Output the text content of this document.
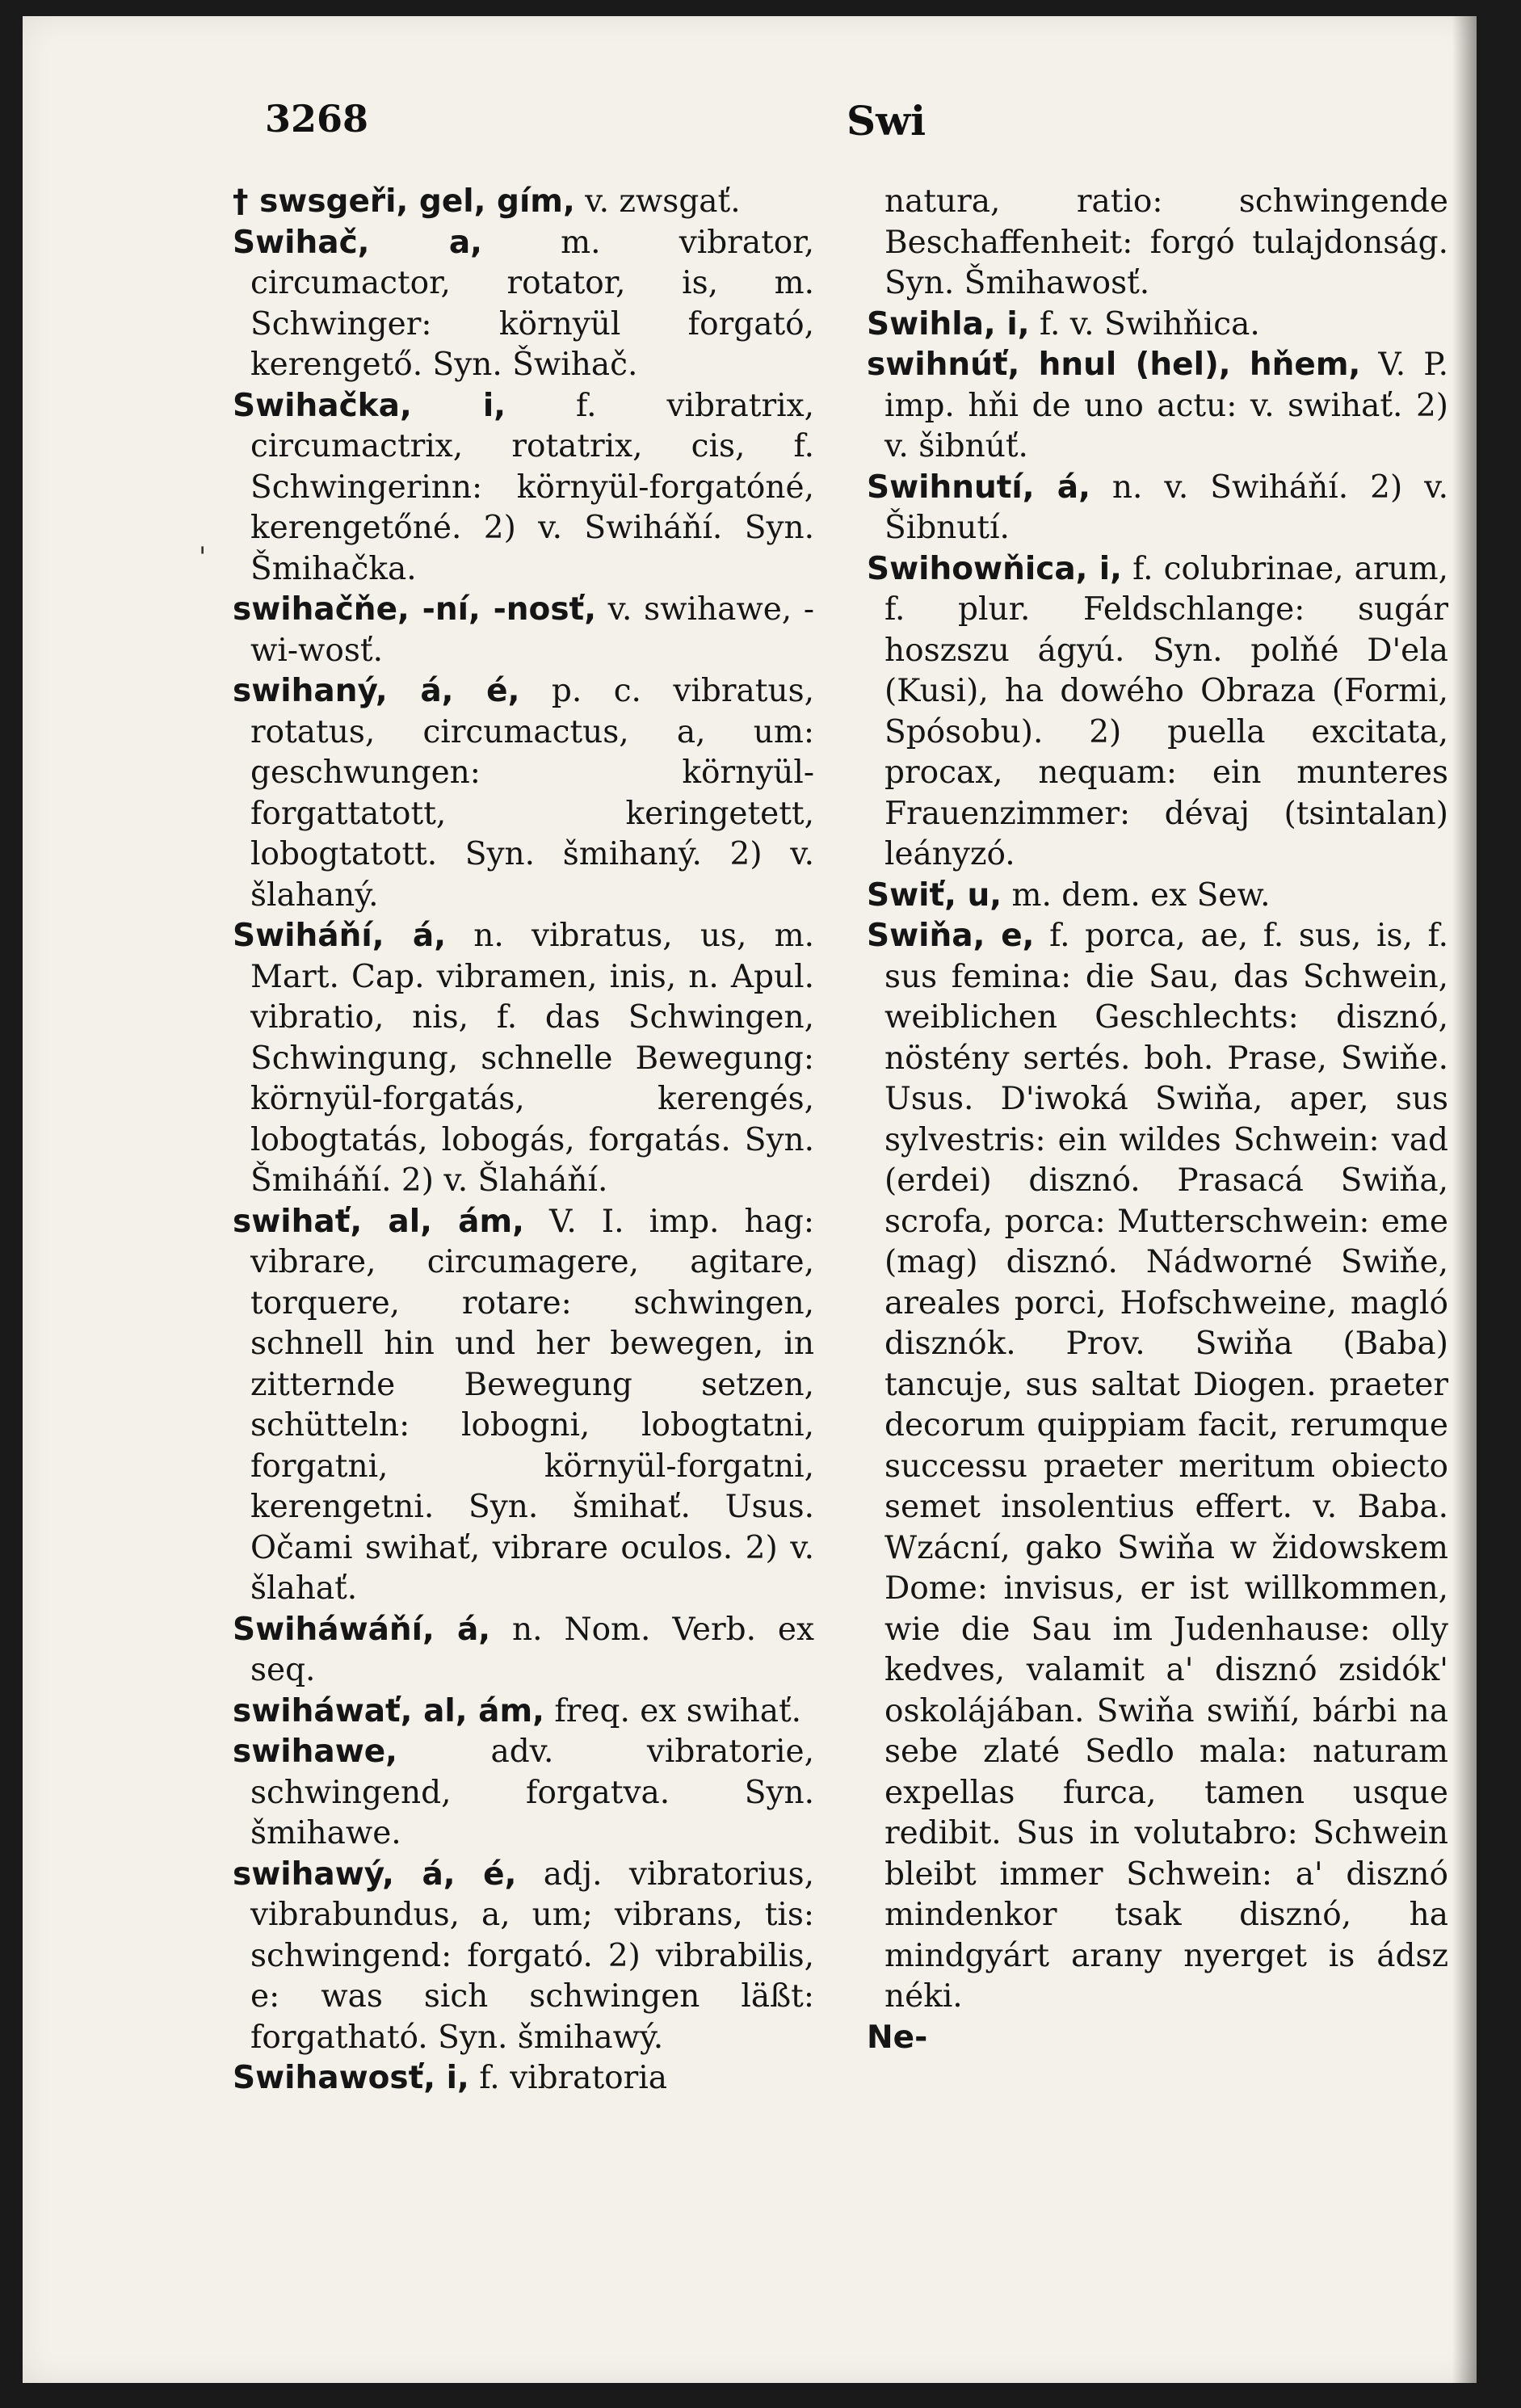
3268	Swi
'

† swsgeři, gel, gím, v. zwsgať.

Swihač, a, m. vibrator, circumactor, rotator, is, m. Schwinger: környül forgató, kerengető. Syn. Šwihač.

Swihačka, i, f. vibratrix, circumactrix, rotatrix, cis, f. Schwingerinn: környül-forgatóné, kerengetőné. 2) v. Swiháňí. Syn. Šmihačka.

swihačňe, -ní, -nosť, v. swihawe, -wi-wosť.

swihaný, á, é, p. c. vibratus, rotatus, circumactus, a, um: geschwungen: környül-forgattatott, keringetett, lobogtatott. Syn. šmihaný. 2) v. šlahaný.

Swiháňí, á, n. vibratus, us, m. Mart. Cap. vibramen, inis, n. Apul. vibratio, nis, f. das Schwingen, Schwingung, schnelle Bewegung: környül-forgatás, kerengés, lobogtatás, lobogás, forgatás. Syn. Šmiháňí. 2) v. Šlaháňí.

swihať, al, ám, V. I. imp. hag: vibrare, circumagere, agitare, torquere, rotare: schwingen, schnell hin und her bewegen, in zitternde Bewegung setzen, schütteln: lobogni, lobogtatni, forgatni, környül-forgatni, kerengetni. Syn. šmihať. Usus. Očami swihať, vibrare oculos. 2) v. šlahať.

Swiháwáňí, á, n. Nom. Verb. ex seq.

swiháwať, al, ám, freq. ex swihať.

swihawe,	adv. vibratorie, schwingend, forgatva. Syn. šmihawe.

swihawý, á, é, adj. vibratorius, vibrabundus, a, um; vibrans, tis: schwingend: forgató. 2) vibrabilis, e: was sich schwingen läßt: forgatható. Syn. šmihawý.

Swihawosť, i, f. vibratoria

natura, ratio: schwingende Beschaffenheit: forgó tulajdonság. Syn. Šmihawosť.

Swihla, i, f. v. Swihňica.

swihnúť, hnul (hel), hňem, V. P. imp. hňi de uno actu: v. swihať. 2) v. šibnúť.

Swihnutí, á, n. v. Swiháňí. 2) v. Šibnutí.

Swihowňica, i, f. colubrinae, arum, f. plur. Feldschlange: sugár hoszszu ágyú. Syn. polňé D'ela (Kusi), ha dowého Obraza (Formi, Spósobu). 2) puella excitata, procax, nequam: ein munteres Frauenzimmer: dévaj (tsintalan) leányzó.

Swiť, u, m. dem. ex Sew.

Swiňa, e, f. porca, ae, f. sus, is, f. sus femina: die Sau, das Schwein, weiblichen Geschlechts: disznó, nöstény sertés. boh. Prase, Swiňe. Usus. D'iwoká Swiňa, aper, sus sylvestris: ein wildes Schwein: vad (erdei) disznó. Prasacá Swiňa, scrofa, porca: Mutterschwein: eme (mag) disznó. Nádworné Swiňe, areales porci, Hofschweine, magló disznók. Prov. Swiňa (Baba) tancuje, sus saltat Diogen. praeter decorum quippiam facit, rerumque successu praeter meritum obiecto semet insolentius effert. v. Baba. Wzácní, gako Swiňa w židowskem Dome: invisus, er ist willkommen, wie die Sau im Judenhause: olly kedves, valamit a' disznó zsidók' oskolájában. Swiňa swiňí, bárbi na sebe zlaté Sedlo mala: naturam expellas furca, tamen usque redibit. Sus in volutabro: Schwein bleibt immer Schwein: a' disznó mindenkor tsak disznó, ha mindgyárt arany nyerget is ádsz néki.

Ne-
